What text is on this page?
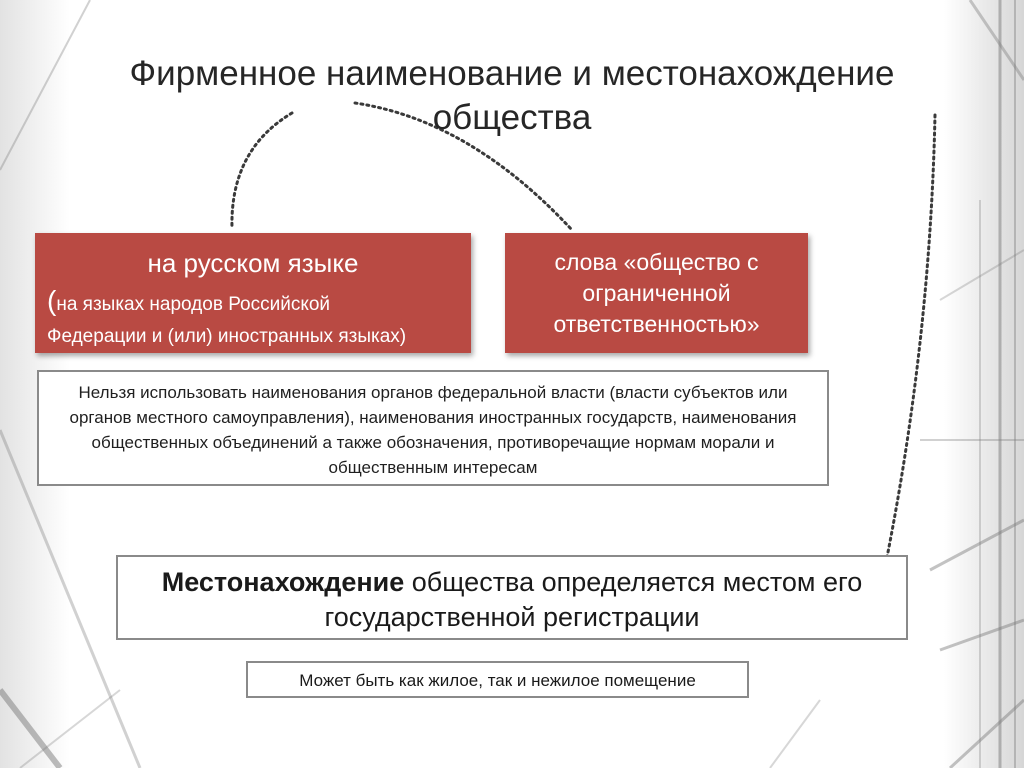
Фирменное наименование и местонахождение
общества
на русском языке
(на языках народов Российской
Федерации и (или) иностранных языках)
слова «общество с
ограниченной
ответственностью»
Нельзя использовать наименования органов федеральной власти (власти субъектов или органов местного самоуправления), наименования иностранных государств, наименования общественных объединений а также обозначения, противоречащие нормам морали и общественным интересам
Местонахождение общества определяется местом его государственной регистрации
Может быть как жилое, так и нежилое помещение
